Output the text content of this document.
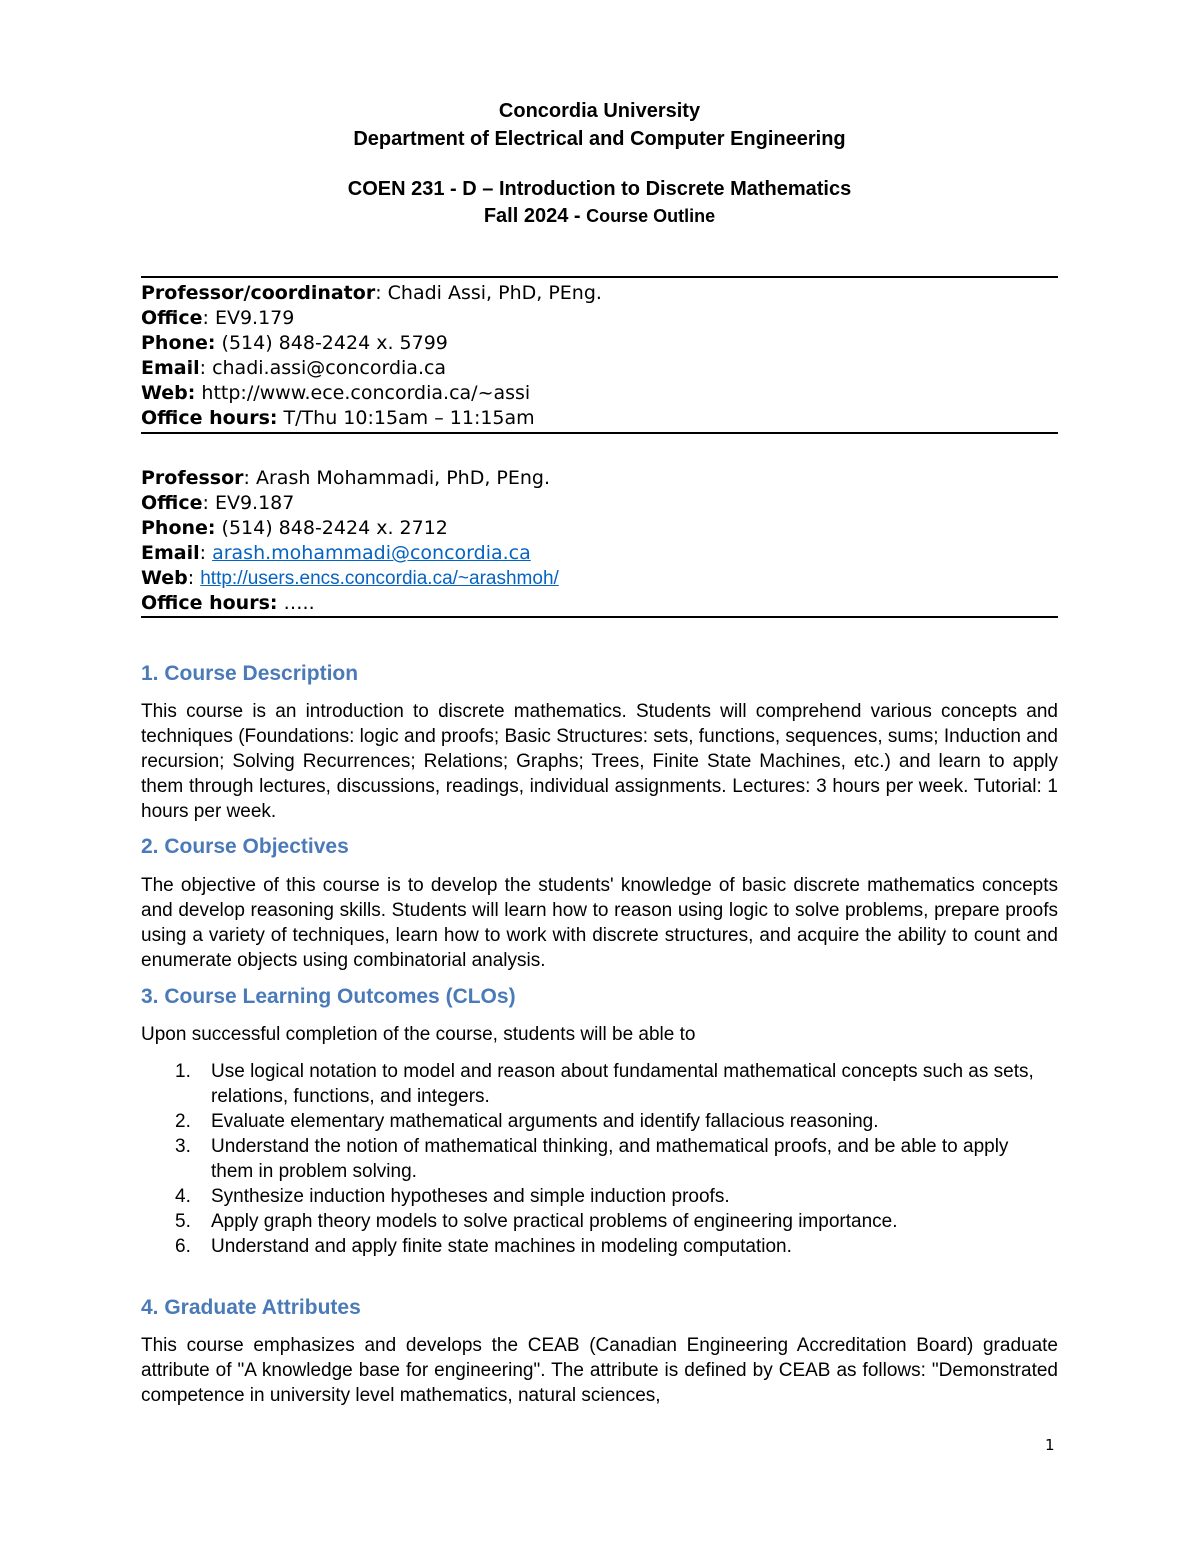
Concordia University
Department of Electrical and Computer Engineering
COEN 231 - D – Introduction to Discrete Mathematics
Fall 2024 - Course Outline
Professor/coordinator: Chadi Assi, PhD, PEng.
Office: EV9.179
Phone: (514) 848-2424 x. 5799
Email: chadi.assi@concordia.ca
Web: http://www.ece.concordia.ca/~assi
Office hours: T/Thu 10:15am – 11:15am
Professor: Arash Mohammadi, PhD, PEng.
Office: EV9.187
Phone: (514) 848-2424 x. 2712
Email: arash.mohammadi@concordia.ca
Web: http://users.encs.concordia.ca/~arashmoh/
Office hours: …..
1. Course Description

This course is an introduction to discrete mathematics. Students will comprehend various concepts and techniques (Foundations: logic and proofs; Basic Structures: sets, functions, sequences, sums; Induction and recursion; Solving Recurrences; Relations; Graphs; Trees, Finite State Machines, etc.) and learn to apply them through lectures, discussions, readings, individual assignments. Lectures: 3 hours per week. Tutorial: 1 hours per week.

2. Course Objectives

The objective of this course is to develop the students' knowledge of basic discrete mathematics concepts and develop reasoning skills. Students will learn how to reason using logic to solve problems, prepare proofs using a variety of techniques, learn how to work with discrete structures, and acquire the ability to count and enumerate objects using combinatorial analysis.

3. Course Learning Outcomes (CLOs)

Upon successful completion of the course, students will be able to

1. Use logical notation to model and reason about fundamental mathematical concepts such as sets, relations, functions, and integers.
2. Evaluate elementary mathematical arguments and identify fallacious reasoning.
3. Understand the notion of mathematical thinking, and mathematical proofs, and be able to apply them in problem solving.
4. Synthesize induction hypotheses and simple induction proofs.
5. Apply graph theory models to solve practical problems of engineering importance.
6. Understand and apply finite state machines in modeling computation.
4. Graduate Attributes

This course emphasizes and develops the CEAB (Canadian Engineering Accreditation Board) graduate attribute of "A knowledge base for engineering". The attribute is defined by CEAB as follows: "Demonstrated competence in university level mathematics, natural sciences,

1
